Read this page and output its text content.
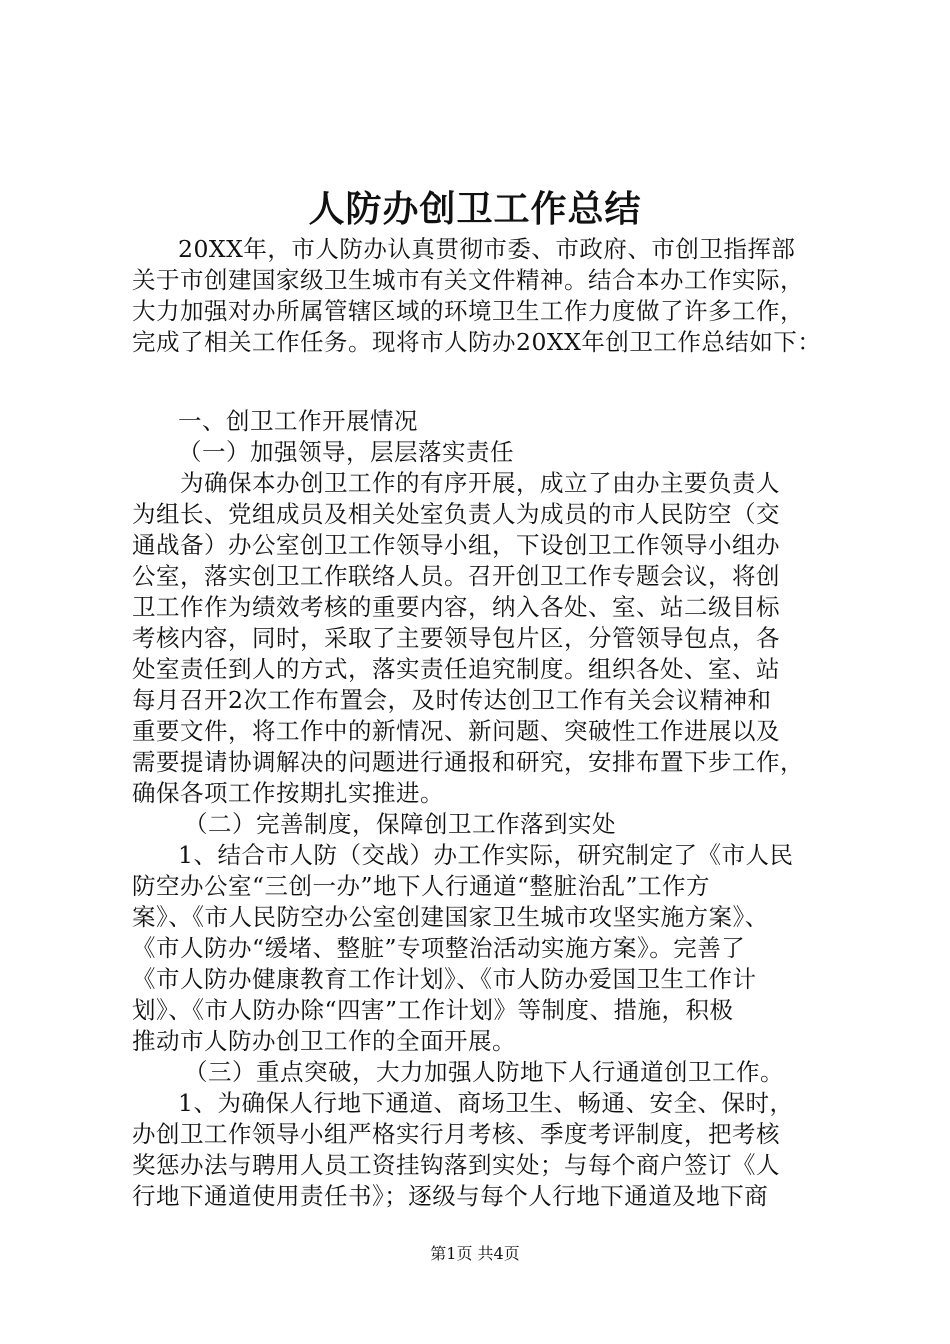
人防办创卫工作总结
20XX年，市人防办认真贯彻市委、市政府、市创卫指挥部
关于市创建国家级卫生城市有关文件精神。结合本办工作实际，
大力加强对办所属管辖区域的环境卫生工作力度做了许多工作，
完成了相关工作任务。现将市人防办20XX年创卫工作总结如下：
一、创卫工作开展情况
（一）加强领导，层层落实责任
为确保本办创卫工作的有序开展，成立了由办主要负责人
为组长、党组成员及相关处室负责人为成员的市人民防空（交
通战备）办公室创卫工作领导小组，下设创卫工作领导小组办
公室，落实创卫工作联络人员。召开创卫工作专题会议，将创
卫工作作为绩效考核的重要内容，纳入各处、室、站二级目标
考核内容，同时，采取了主要领导包片区，分管领导包点，各
处室责任到人的方式，落实责任追究制度。组织各处、室、站
每月召开2次工作布置会，及时传达创卫工作有关会议精神和
重要文件，将工作中的新情况、新问题、突破性工作进展以及
需要提请协调解决的问题进行通报和研究，安排布置下步工作，
确保各项工作按期扎实推进。
（二）完善制度，保障创卫工作落到实处
1、结合市人防（交战）办工作实际，研究制定了《市人民
防空办公室“三创一办”地下人行通道“整脏治乱”工作方
案》、《市人民防空办公室创建国家卫生城市攻坚实施方案》、
《市人防办“缓堵、整脏”专项整治活动实施方案》。完善了
《市人防办健康教育工作计划》、《市人防办爱国卫生工作计
划》、《市人防办除“四害”工作计划》等制度、措施，积极
推动市人防办创卫工作的全面开展。
（三）重点突破，大力加强人防地下人行通道创卫工作。
1、为确保人行地下通道、商场卫生、畅通、安全、保时，
办创卫工作领导小组严格实行月考核、季度考评制度，把考核
奖惩办法与聘用人员工资挂钩落到实处；与每个商户签订《人
行地下通道使用责任书》；逐级与每个人行地下通道及地下商
第1页 共4页
